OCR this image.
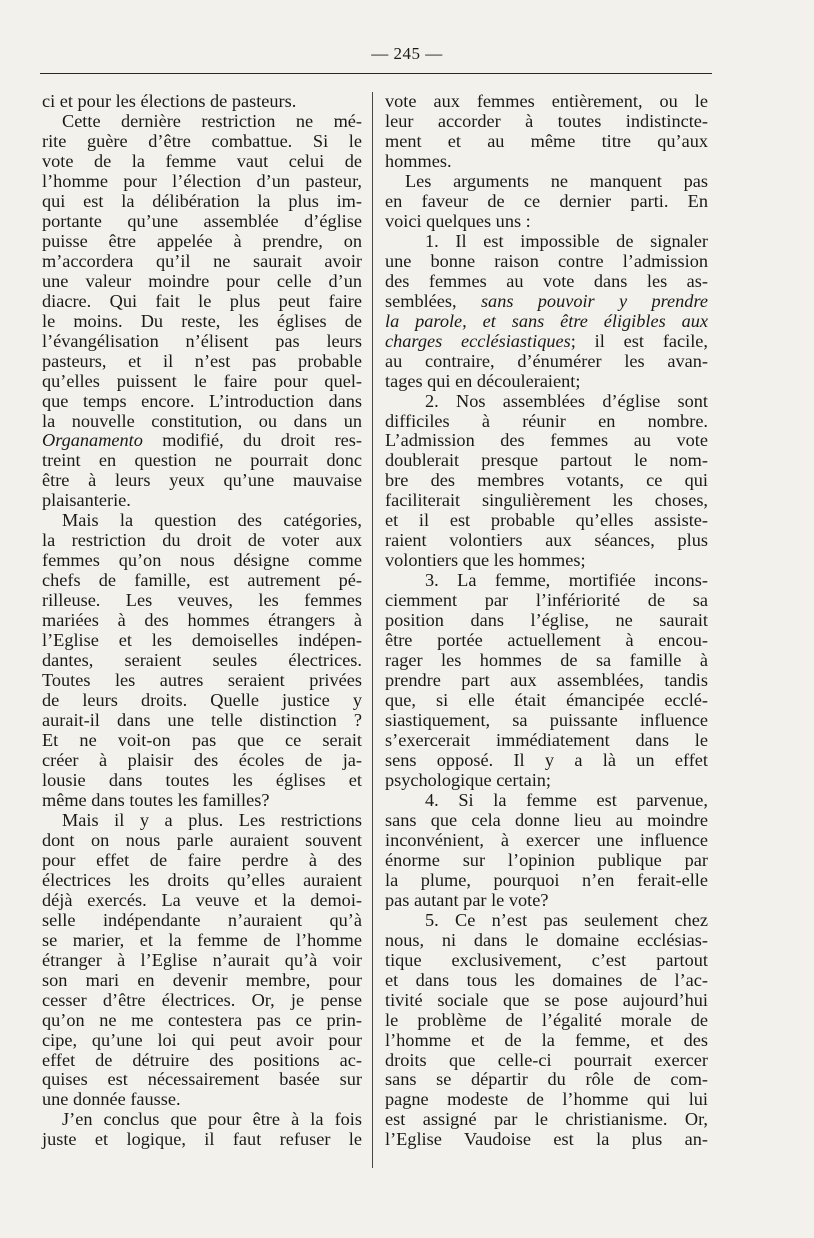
— 245 —
ci et pour les élections de pasteurs.
Cette dernière restriction ne mé-
rite guère d’être combattue. Si le
vote de la femme vaut celui de
l’homme pour l’élection d’un pasteur,
qui est la délibération la plus im-
portante qu’une assemblée d’église
puisse être appelée à prendre, on
m’accordera qu’il ne saurait avoir
une valeur moindre pour celle d’un
diacre. Qui fait le plus peut faire
le moins. Du reste, les églises de
l’évangélisation n’élisent pas leurs
pasteurs, et il n’est pas probable
qu’elles puissent le faire pour quel-
que temps encore. L’introduction dans
la nouvelle constitution, ou dans un
Organamento modifié, du droit res-
treint en question ne pourrait donc
être à leurs yeux qu’une mauvaise
plaisanterie.
Mais la question des catégories,
la restriction du droit de voter aux
femmes qu’on nous désigne comme
chefs de famille, est autrement pé-
rilleuse. Les veuves, les femmes
mariées à des hommes étrangers à
l’Eglise et les demoiselles indépen-
dantes, seraient seules électrices.
Toutes les autres seraient privées
de leurs droits. Quelle justice y
aurait-il dans une telle distinction ?
Et ne voit-on pas que ce serait
créer à plaisir des écoles de ja-
lousie dans toutes les églises et
même dans toutes les familles?
Mais il y a plus. Les restrictions
dont on nous parle auraient souvent
pour effet de faire perdre à des
électrices les droits qu’elles auraient
déjà exercés. La veuve et la demoi-
selle indépendante n’auraient qu’à
se marier, et la femme de l’homme
étranger à l’Eglise n’aurait qu’à voir
son mari en devenir membre, pour
cesser d’être électrices. Or, je pense
qu’on ne me contestera pas ce prin-
cipe, qu’une loi qui peut avoir pour
effet de détruire des positions ac-
quises est nécessairement basée sur
une donnée fausse.
J’en conclus que pour être à la fois
juste et logique, il faut refuser le
vote aux femmes entièrement, ou le
leur accorder à toutes indistincte-
ment et au même titre qu’aux
hommes.
Les arguments ne manquent pas
en faveur de ce dernier parti. En
voici quelques uns :
1. Il est impossible de signaler
une bonne raison contre l’admission
des femmes au vote dans les as-
semblées, sans pouvoir y prendre
la parole, et sans être éligibles aux
charges ecclésiastiques; il est facile,
au contraire, d’énumérer les avan-
tages qui en découleraient;
2. Nos assemblées d’église sont
difficiles à réunir en nombre.
L’admission des femmes au vote
doublerait presque partout le nom-
bre des membres votants, ce qui
faciliterait singulièrement les choses,
et il est probable qu’elles assiste-
raient volontiers aux séances, plus
volontiers que les hommes;
3. La femme, mortifiée incons-
ciemment par l’infériorité de sa
position dans l’église, ne saurait
être portée actuellement à encou-
rager les hommes de sa famille à
prendre part aux assemblées, tandis
que, si elle était émancipée ecclé-
siastiquement, sa puissante influence
s’exercerait immédiatement dans le
sens opposé. Il y a là un effet
psychologique certain;
4. Si la femme est parvenue,
sans que cela donne lieu au moindre
inconvénient, à exercer une influence
énorme sur l’opinion publique par
la plume, pourquoi n’en ferait-elle
pas autant par le vote?
5. Ce n’est pas seulement chez
nous, ni dans le domaine ecclésias-
tique exclusivement, c’est partout
et dans tous les domaines de l’ac-
tivité sociale que se pose aujourd’hui
le problème de l’égalité morale de
l’homme et de la femme, et des
droits que celle-ci pourrait exercer
sans se départir du rôle de com-
pagne modeste de l’homme qui lui
est assigné par le christianisme. Or,
l’Eglise Vaudoise est la plus an-
